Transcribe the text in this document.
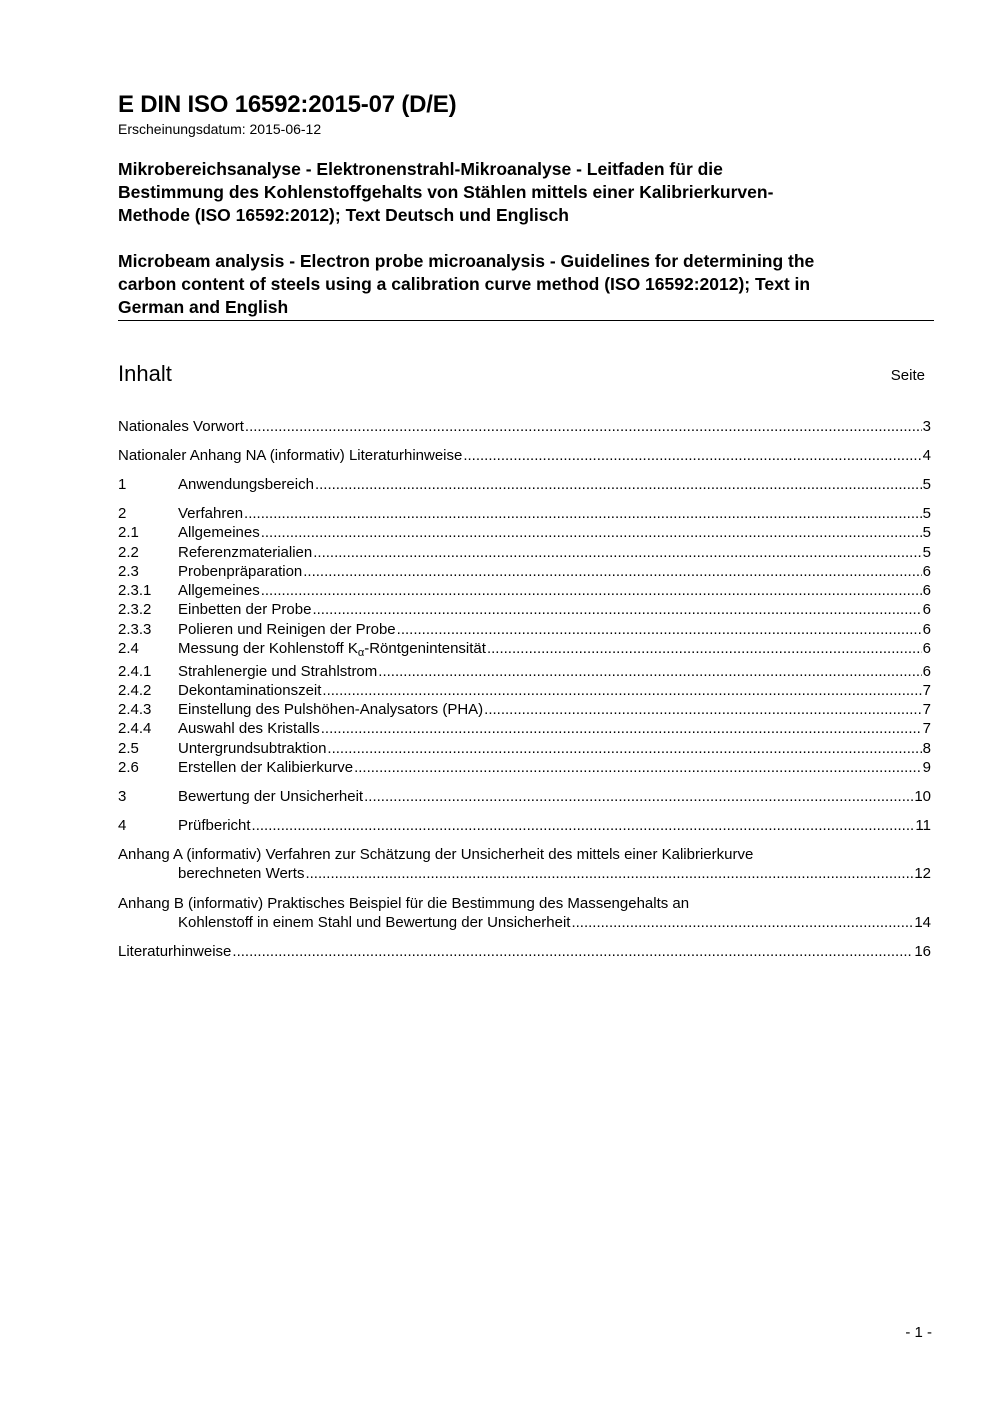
E DIN ISO 16592:2015-07 (D/E)
Erscheinungsdatum: 2015-06-12
Mikrobereichsanalyse - Elektronenstrahl-Mikroanalyse - Leitfaden für die
Bestimmung des Kohlenstoffgehalts von Stählen mittels einer Kalibrierkurven-
Methode (ISO 16592:2012); Text Deutsch und Englisch
Microbeam analysis - Electron probe microanalysis - Guidelines for determining the
carbon content of steels using a calibration curve method (ISO 16592:2012); Text in
German and English
Inhalt	Seite
Nationales Vorwort .....	3
Nationaler Anhang NA (informativ) Literaturhinweise .....	4
1	Anwendungsbereich .....	5
2	Verfahren .....	5
2.1	Allgemeines .....	5
2.2	Referenzmaterialien .....	5
2.3	Probenpräparation .....	6
2.3.1	Allgemeines .....	6
2.3.2	Einbetten der Probe .....	6
2.3.3	Polieren und Reinigen der Probe .....	6
2.4	Messung der Kohlenstoff $K_\alpha$-Röntgenintensität .....	6
2.4.1	Strahlenergie und Strahlstrom .....	6
2.4.2	Dekontaminationszeit .....	7
2.4.3	Einstellung des Pulshöhen-Analysators (PHA) .....	7
2.4.4	Auswahl des Kristalls .....	7
2.5	Untergrundsubtraktion .....	8
2.6	Erstellen der Kalibierkurve .....	9
3	Bewertung der Unsicherheit .....	10
4	Prüfbericht .....	11
Anhang A (informativ) Verfahren zur Schätzung der Unsicherheit des mittels einer Kalibrierkurve
berechneten Werts .....	12
Anhang B (informativ) Praktisches Beispiel für die Bestimmung des Massengehalts an
Kohlenstoff in einem Stahl und Bewertung der Unsicherheit .....	14
Literaturhinweise .....	16
- 1 -
